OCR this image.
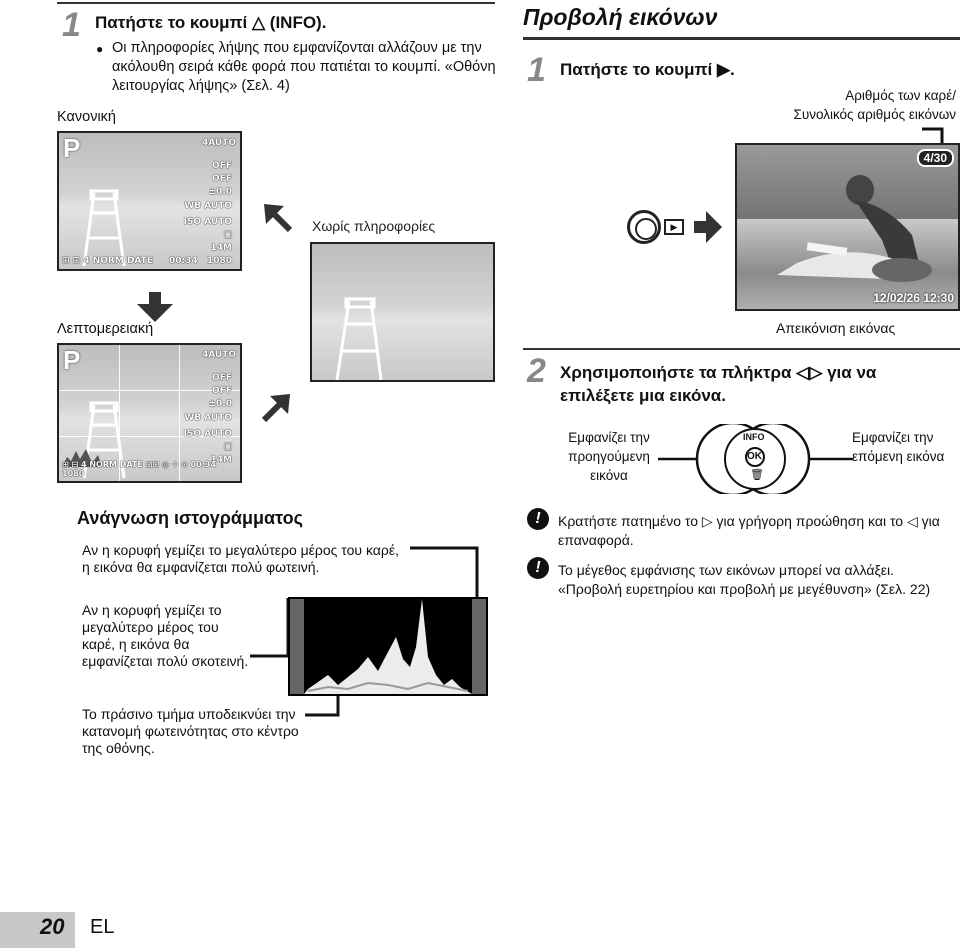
1 Πατήστε το κουμπί △ (INFO).
● Οι πληροφορίες λήψης που εμφανίζονται αλλάζουν με την ακόλουθη σειρά κάθε φορά που πατιέται το κουμπί. «Οθόνη λειτουργίας λήψης» (Σελ. 4)
Κανονική
P	4AUTO
OFF
OFF
±0.0
WB AUTO
ISO AUTO
□
14M
⊞ ⊟ 4 NORM DATE 00:34 1080
Χωρίς πληροφορίες
Λεπτομερειακή
P	4AUTO
OFF
OFF
±0.0
WB AUTO
ISO AUTO
□
14M
⊞ ⊟ 4 NORM DATE ⊡⊡ ◎ ✛ ⊙ 00:34 1080
Ανάγνωση ιστογράμματος
Αν η κορυφή γεμίζει το μεγαλύτερο μέρος του καρέ, η εικόνα θα εμφανίζεται πολύ φωτεινή.
Αν η κορυφή γεμίζει το μεγαλύτερο μέρος του καρέ, η εικόνα θα εμφανίζεται πολύ σκοτεινή.
Το πράσινο τμήμα υποδεικνύει την κατανομή φωτεινότητας στο κέντρο της οθόνης.
Προβολή εικόνων
1 Πατήστε το κουμπί ▶.
Αριθμός των καρέ/
Συνολικός αριθμός εικόνων
▶
4/30
12/02/26 12:30
Απεικόνιση εικόνας
2 Χρησιμοποιήστε τα πλήκτρα ◁▷ για να επιλέξετε μια εικόνα.
Εμφανίζει την προηγούμενη εικόνα
Εμφανίζει την επόμενη εικόνα
INFO
OK
🗑
!	Κρατήστε πατημένο το ▷ για γρήγορη προώθηση και το ◁ για επαναφορά.
!	Το μέγεθος εμφάνισης των εικόνων μπορεί να αλλάξει. «Προβολή ευρετηρίου και προβολή με μεγέθυνση» (Σελ. 22)
20 EL
